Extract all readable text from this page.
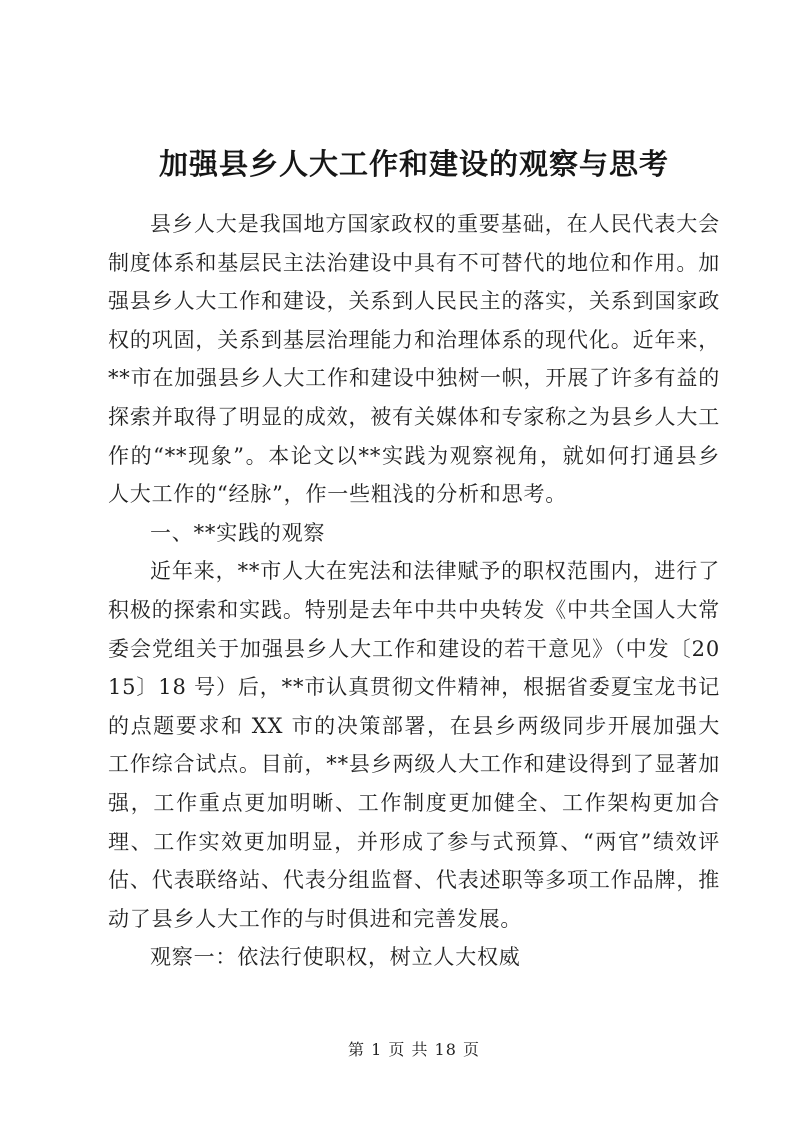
加强县乡人大工作和建设的观察与思考

县乡人大是我国地方国家政权的重要基础，在人民代表大会制度体系和基层民主法治建设中具有不可替代的地位和作用。加强县乡人大工作和建设，关系到人民民主的落实，关系到国家政权的巩固，关系到基层治理能力和治理体系的现代化。近年来，**市在加强县乡人大工作和建设中独树一帜，开展了许多有益的探索并取得了明显的成效，被有关媒体和专家称之为县乡人大工作的“**现象”。本论文以**实践为观察视角，就如何打通县乡人大工作的“经脉”，作一些粗浅的分析和思考。

一、**实践的观察

近年来，**市人大在宪法和法律赋予的职权范围内，进行了积极的探索和实践。特别是去年中共中央转发《中共全国人大常委会党组关于加强县乡人大工作和建设的若干意见》（中发〔2015〕18 号）后，**市认真贯彻文件精神，根据省委夏宝龙书记的点题要求和 XX 市的决策部署，在县乡两级同步开展加强大工作综合试点。目前，**县乡两级人大工作和建设得到了显著加强，工作重点更加明晰、工作制度更加健全、工作架构更加合理、工作实效更加明显，并形成了参与式预算、“两官”绩效评估、代表联络站、代表分组监督、代表述职等多项工作品牌，推动了县乡人大工作的与时俱进和完善发展。

观察一：依法行使职权，树立人大权威

第 1 页 共 18 页
